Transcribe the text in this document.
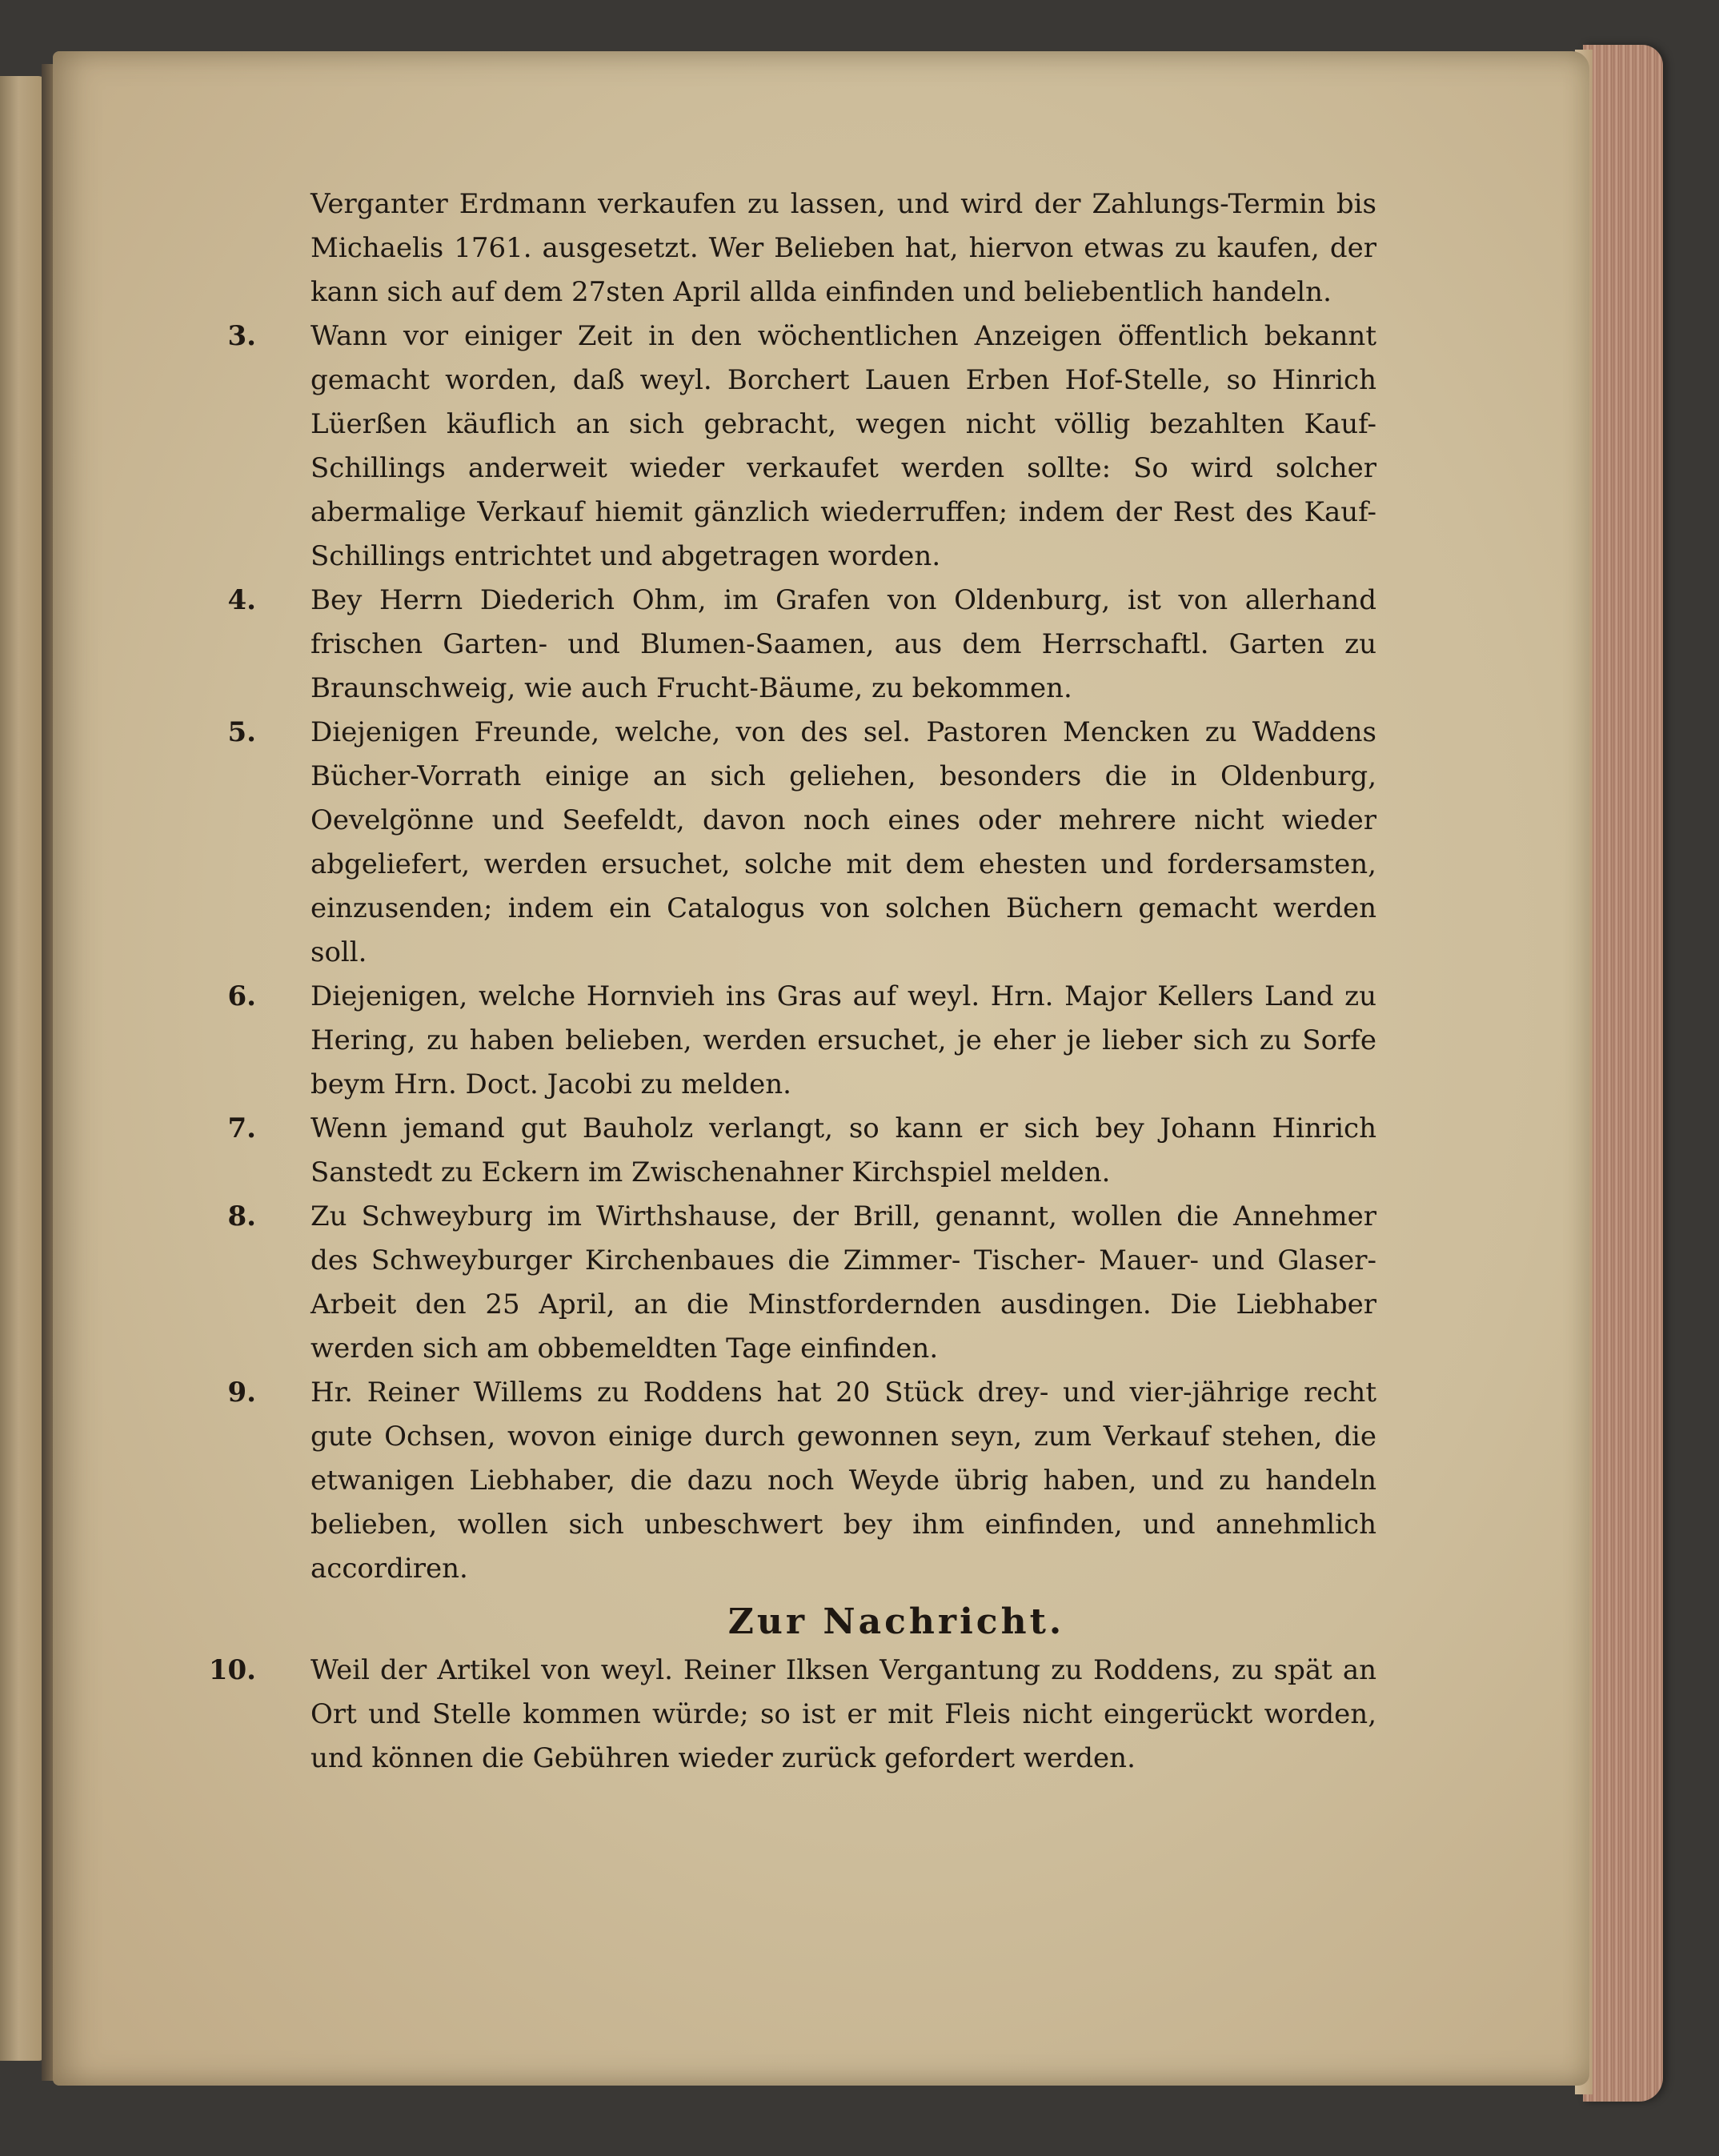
Verganter Erdmann verkaufen zu lassen, und wird der Zahlungs-Termin bis Michaelis 1761. ausgesetzt. Wer Belieben hat, hiervon etwas zu kaufen, der kann sich auf dem 27sten April allda einfinden und beliebentlich handeln.

3. Wann vor einiger Zeit in den wöchentlichen Anzeigen öffentlich bekannt gemacht worden, daß weyl. Borchert Lauen Erben Hof-Stelle, so Hinrich Lüerßen käuflich an sich gebracht, wegen nicht völlig bezahlten Kauf-Schillings anderweit wieder verkaufet werden sollte: So wird solcher abermalige Verkauf hiemit gänzlich wiederruffen; indem der Rest des Kauf-Schillings entrichtet und abgetragen worden.
4. Bey Herrn Diederich Ohm, im Grafen von Oldenburg, ist von allerhand frischen Garten- und Blumen-Saamen, aus dem Herrschaftl. Garten zu Braunschweig, wie auch Frucht-Bäume, zu bekommen.
5. Diejenigen Freunde, welche, von des sel. Pastoren Mencken zu Waddens Bücher-Vorrath einige an sich geliehen, besonders die in Oldenburg, Oevelgönne und Seefeldt, davon noch eines oder mehrere nicht wieder abgeliefert, werden ersuchet, solche mit dem ehesten und fordersamsten, einzusenden; indem ein Catalogus von solchen Büchern gemacht werden soll.
6. Diejenigen, welche Hornvieh ins Gras auf weyl. Hrn. Major Kellers Land zu Hering, zu haben belieben, werden ersuchet, je eher je lieber sich zu Sorfe beym Hrn. Doct. Jacobi zu melden.
7. Wenn jemand gut Bauholz verlangt, so kann er sich bey Johann Hinrich Sanstedt zu Eckern im Zwischenahner Kirchspiel melden.
8. Zu Schweyburg im Wirthshause, der Brill, genannt, wollen die Annehmer des Schweyburger Kirchenbaues die Zimmer- Tischer- Mauer- und Glaser-Arbeit den 25 April, an die Minstfordernden ausdingen. Die Liebhaber werden sich am obbemeldten Tage einfinden.
9. Hr. Reiner Willems zu Roddens hat 20 Stück drey- und vier-jährige recht gute Ochsen, wovon einige durch gewonnen seyn, zum Verkauf stehen, die etwanigen Liebhaber, die dazu noch Weyde übrig haben, und zu handeln belieben, wollen sich unbeschwert bey ihm einfinden, und annehmlich accordiren.
Zur Nachricht.
10. Weil der Artikel von weyl. Reiner Ilksen Vergantung zu Roddens, zu spät an Ort und Stelle kommen würde; so ist er mit Fleis nicht eingerückt worden, und können die Gebühren wieder zurück gefordert werden.
